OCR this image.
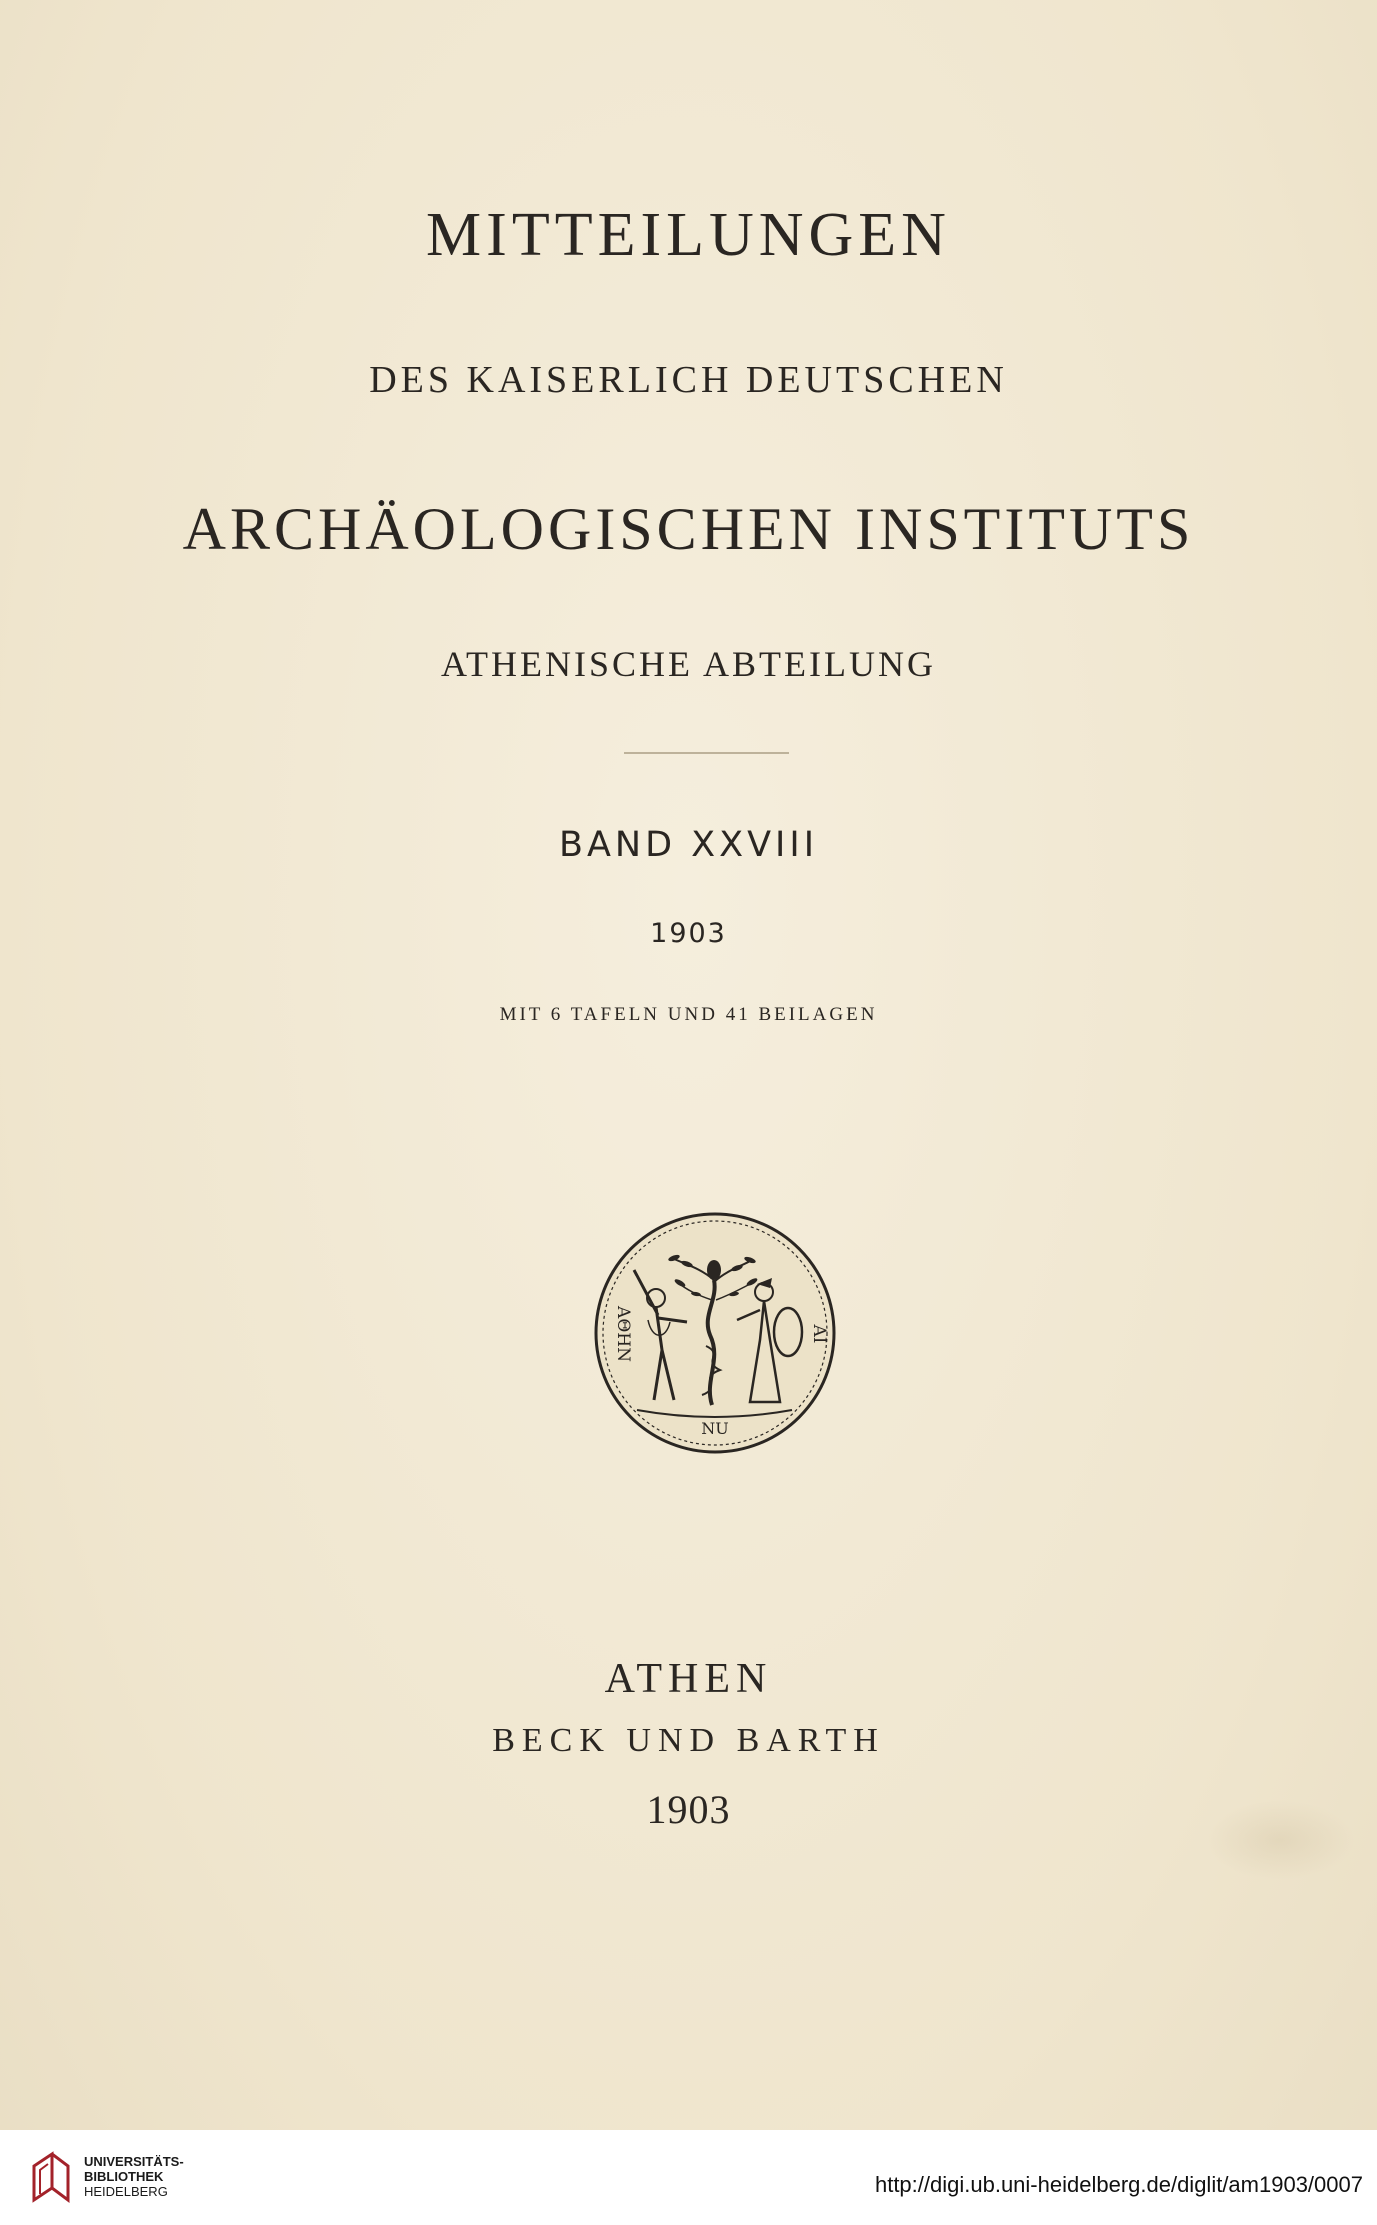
MITTEILUNGEN
DES KAISERLICH DEUTSCHEN
ARCHÄOLOGISCHEN INSTITUTS
ATHENISCHE ABTEILUNG
BAND XXVIII
1903
MIT 6 TAFELN UND 41 BEILAGEN
ΑΘΗΝ	ΑΙ
NU
ATHEN
BECK UND BARTH
1903
UNIVERSITÄTS-
BIBLIOTHEK
HEIDELBERG	http://digi.ub.uni-heidelberg.de/diglit/am1903/0007
